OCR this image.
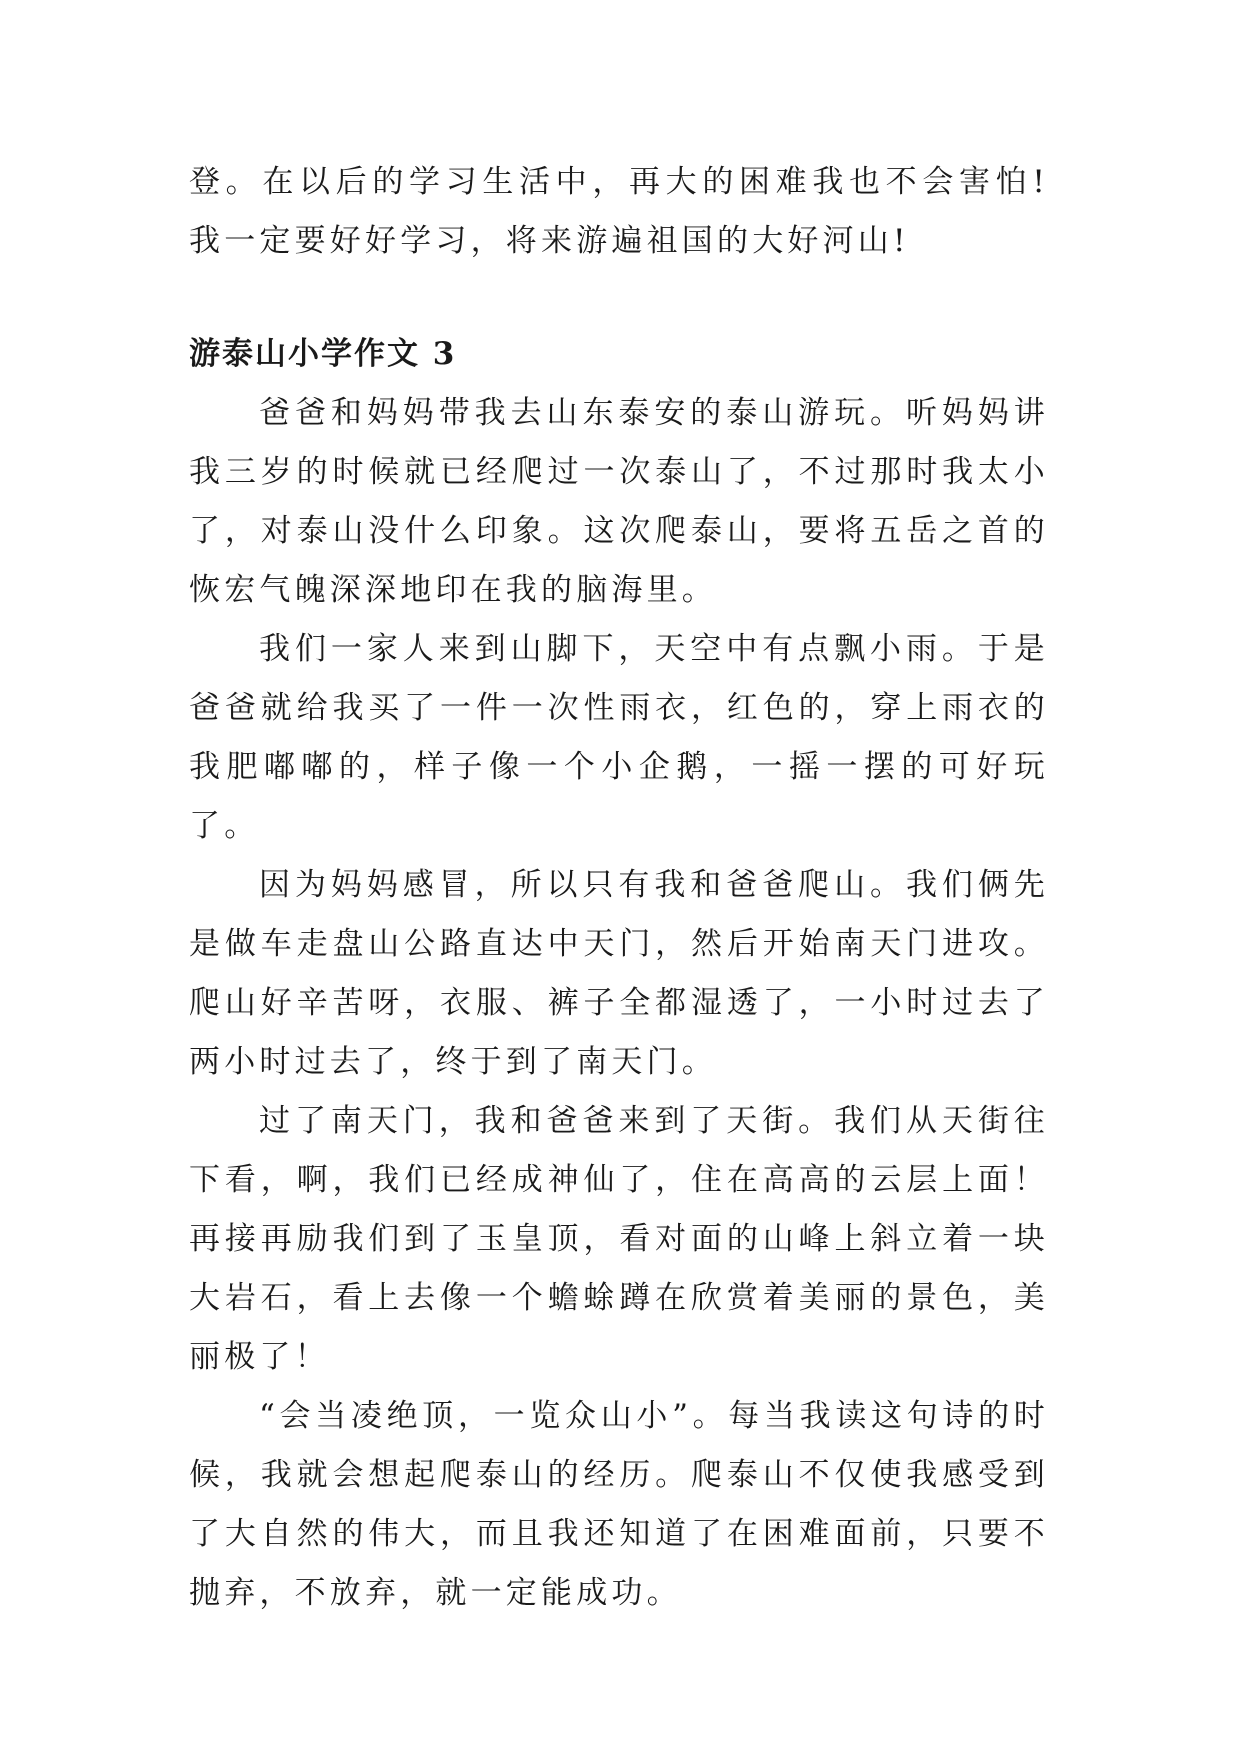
登。在以后的学习生活中，再大的困难我也不会害怕!我一定要好好学习，将来游遍祖国的大好河山!

游泰山小学作文 3

爸爸和妈妈带我去山东泰安的泰山游玩。听妈妈讲我三岁的时候就已经爬过一次泰山了，不过那时我太小了，对泰山没什么印象。这次爬泰山，要将五岳之首的恢宏气魄深深地印在我的脑海里。

我们一家人来到山脚下，天空中有点飘小雨。于是爸爸就给我买了一件一次性雨衣，红色的，穿上雨衣的我肥嘟嘟的，样子像一个小企鹅，一摇一摆的可好玩了。

因为妈妈感冒，所以只有我和爸爸爬山。我们俩先是做车走盘山公路直达中天门，然后开始南天门进攻。爬山好辛苦呀，衣服、裤子全都湿透了，一小时过去了两小时过去了，终于到了南天门。

过了南天门，我和爸爸来到了天街。我们从天街往下看，啊，我们已经成神仙了，住在高高的云层上面！再接再励我们到了玉皇顶，看对面的山峰上斜立着一块大岩石，看上去像一个蟾蜍蹲在欣赏着美丽的景色，美丽极了！

“会当凌绝顶，一览众山小”。每当我读这句诗的时候，我就会想起爬泰山的经历。爬泰山不仅使我感受到了大自然的伟大，而且我还知道了在困难面前，只要不抛弃，不放弃，就一定能成功。
